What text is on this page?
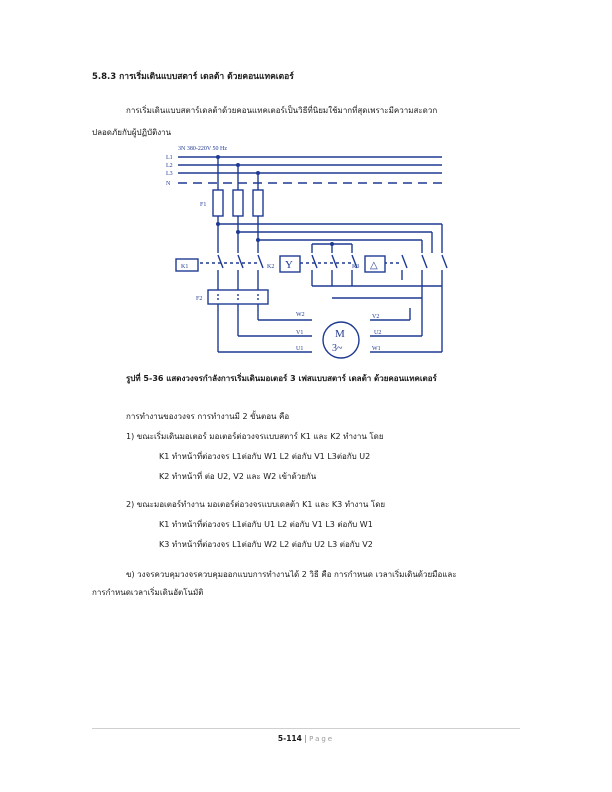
5.8.3 การเริ่มเดินแบบสตาร์ เดลต้า ด้วยคอนแทคเตอร์
การเริ่มเดินแบบสตาร์เดลต้าด้วยคอนแทคเตอร์เป็นวิธีที่นิยมใช้มากที่สุดเพราะมีความสะดวก
ปลอดภัยกับผู้ปฏิบัติงาน
3N 380-220V 50 Hz
L1
L2
L3
N
F1
K1	K2	K3
F2
Y	△
W2
U2
V2
V1
U1	W1
M
3~
รูปที่ 5-36 แสดงวงจรกำลังการเริ่มเดินมอเตอร์ 3 เฟสแบบสตาร์ เดลต้า ด้วยคอนแทคเตอร์
การทำงานของวงจร การทำงานมี 2 ขั้นตอน คือ
1) ขณะเริ่มเดินมอเตอร์ มอเตอร์ต่อวงจรแบบสตาร์ K1 และ K2 ทำงาน โดย
K1 ทำหน้าที่ต่อวงจร L1ต่อกับ W1 L2 ต่อกับ V1 L3ต่อกับ U2
K2 ทำหน้าที่ ต่อ U2, V2 และ W2 เข้าด้วยกัน
2) ขณะมอเตอร์ทำงาน มอเตอร์ต่อวงจรแบบเดลต้า K1 และ K3 ทำงาน โดย
K1 ทำหน้าที่ต่อวงจร L1ต่อกับ U1 L2 ต่อกับ V1 L3 ต่อกับ W1
K3 ทำหน้าที่ต่อวงจร L1ต่อกับ W2 L2 ต่อกับ U2 L3 ต่อกับ V2
ข) วงจรควบคุมวงจรควบคุมออกแบบการทำงานได้ 2 วิธี คือ การกำหนด เวลาเริ่มเดินด้วยมือและ
การกำหนดเวลาเริ่มเดินอัตโนมัติ
5-114 | Page
